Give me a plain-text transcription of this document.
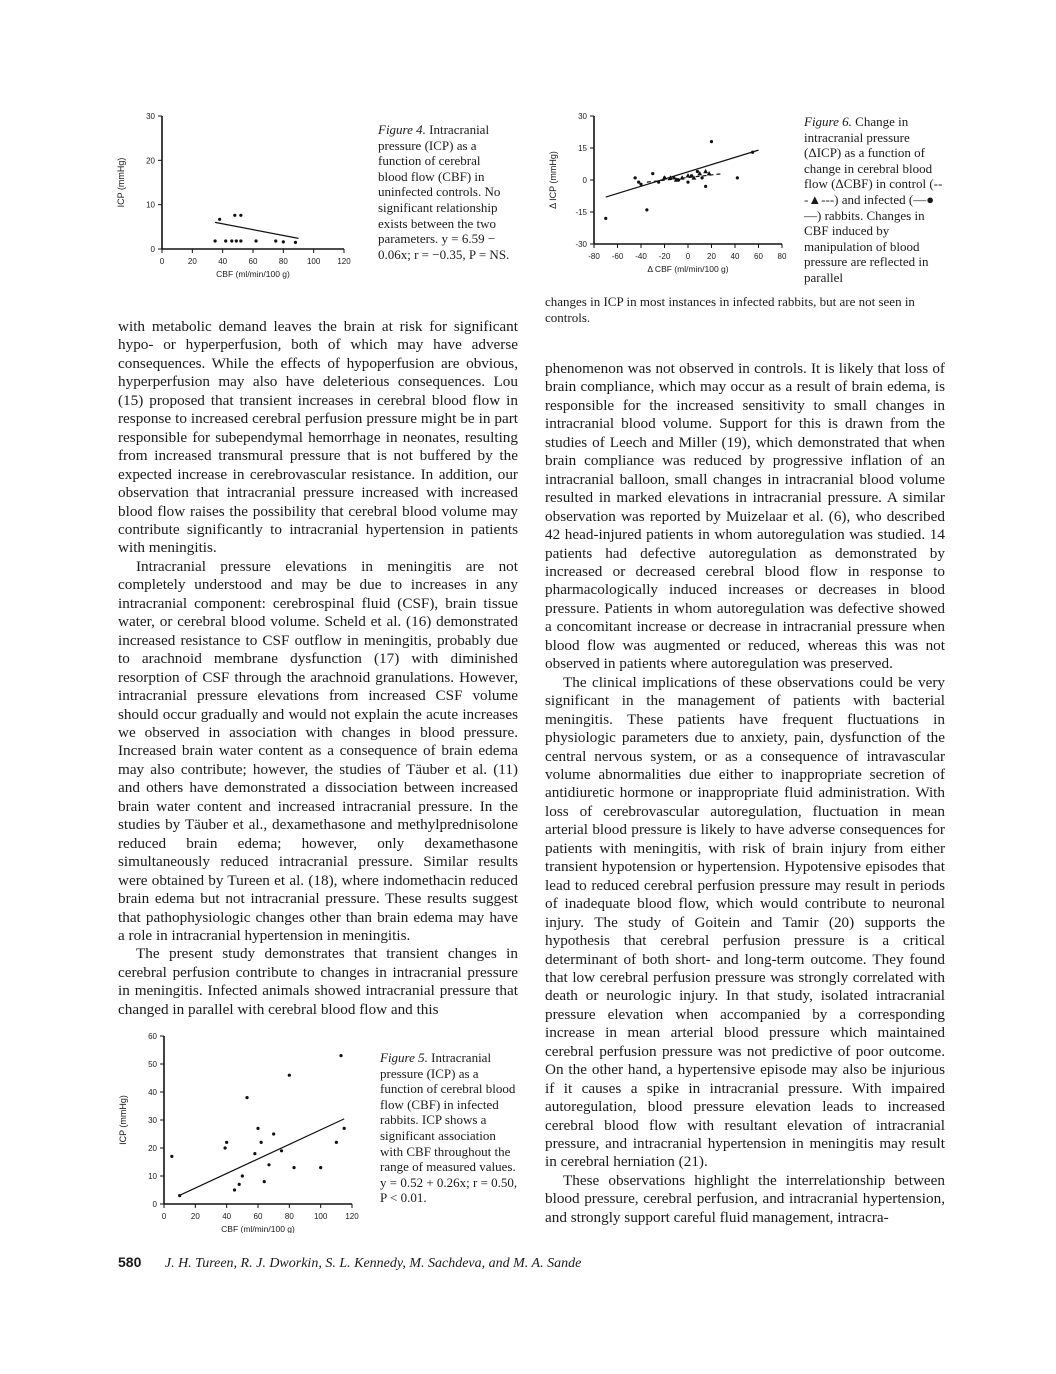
0	20	40	60	80 100 120
0
10
20
30
CBF (ml/min/100 g)
ICP (mmHg)
Figure 4. Intracranial pressure (ICP) as a function of cerebral blood flow (CBF) in uninfected controls. No significant relationship exists between the two parameters. y = 6.59 − 0.06x; r = −0.35, P = NS.	-80 -60 -40 -20 0 20 40 60 80
-30
-15
0
15
30
Δ CBF (ml/min/100 g)
Δ ICP (mmHg)
Figure 6. Change in intracranial pressure (ΔICP) as a function of change in cerebral blood flow (ΔCBF) in control (---▲---) and infected (—●—) rabbits. Changes in CBF induced by manipulation of blood pressure are reflected in parallel
changes in ICP in most instances in infected rabbits, but are not seen in controls.

with metabolic demand leaves the brain at risk for significant hypo- or hyperperfusion, both of which may have adverse consequences. While the effects of hypoperfusion are obvious, hyperperfusion may also have deleterious consequences. Lou (15) proposed that transient increases in cerebral blood flow in response to increased cerebral perfusion pressure might be in part responsible for subependymal hemorrhage in neonates, resulting from increased transmural pressure that is not buffered by the expected increase in cerebrovascular resistance. In addition, our observation that intracranial pressure increased with increased blood flow raises the possibility that cerebral blood volume may contribute significantly to intracranial hypertension in patients with meningitis.

Intracranial pressure elevations in meningitis are not completely understood and may be due to increases in any intracranial component: cerebrospinal fluid (CSF), brain tissue water, or cerebral blood volume. Scheld et al. (16) demonstrated increased resistance to CSF outflow in meningitis, probably due to arachnoid membrane dysfunction (17) with diminished resorption of CSF through the arachnoid granulations. However, intracranial pressure elevations from increased CSF volume should occur gradually and would not explain the acute increases we observed in association with changes in blood pressure. Increased brain water content as a consequence of brain edema may also contribute; however, the studies of Täuber et al. (11) and others have demonstrated a dissociation between increased brain water content and increased intracranial pressure. In the studies by Täuber et al., dexamethasone and methylprednisolone reduced brain edema; however, only dexamethasone simultaneously reduced intracranial pressure. Similar results were obtained by Tureen et al. (18), where indomethacin reduced brain edema but not intracranial pressure. These results suggest that pathophysiologic changes other than brain edema may have a role in intracranial hypertension in meningitis.

The present study demonstrates that transient changes in cerebral perfusion contribute to changes in intracranial pressure in meningitis. Infected animals showed intracranial pressure that changed in parallel with cerebral blood flow and this

0	20	40	60	80	100 120
0
10
20
30
40
50
60
CBF (ml/min/100 g)
ICP (mmHg)
Figure 5. Intracranial pressure (ICP) as a function of cerebral blood flow (CBF) in infected rabbits. ICP shows a significant association with CBF throughout the range of measured values. y = 0.52 + 0.26x; r = 0.50, P < 0.01.

phenomenon was not observed in controls. It is likely that loss of brain compliance, which may occur as a result of brain edema, is responsible for the increased sensitivity to small changes in intracranial blood volume. Support for this is drawn from the studies of Leech and Miller (19), which demonstrated that when brain compliance was reduced by progressive inflation of an intracranial balloon, small changes in intracranial blood volume resulted in marked elevations in intracranial pressure. A similar observation was reported by Muizelaar et al. (6), who described 42 head-injured patients in whom autoregulation was studied. 14 patients had defective autoregulation as demonstrated by increased or decreased cerebral blood flow in response to pharmacologically induced increases or decreases in blood pressure. Patients in whom autoregulation was defective showed a concomitant increase or decrease in intracranial pressure when blood flow was augmented or reduced, whereas this was not observed in patients where autoregulation was preserved.

The clinical implications of these observations could be very significant in the management of patients with bacterial meningitis. These patients have frequent fluctuations in physiologic parameters due to anxiety, pain, dysfunction of the central nervous system, or as a consequence of intravascular volume abnormalities due either to inappropriate secretion of antidiuretic hormone or inappropriate fluid administration. With loss of cerebrovascular autoregulation, fluctuation in mean arterial blood pressure is likely to have adverse consequences for patients with meningitis, with risk of brain injury from either transient hypotension or hypertension. Hypotensive episodes that lead to reduced cerebral perfusion pressure may result in periods of inadequate blood flow, which would contribute to neuronal injury. The study of Goitein and Tamir (20) supports the hypothesis that cerebral perfusion pressure is a critical determinant of both short- and long-term outcome. They found that low cerebral perfusion pressure was strongly correlated with death or neurologic injury. In that study, isolated intracranial pressure elevation when accompanied by a corresponding increase in mean arterial blood pressure which maintained cerebral perfusion pressure was not predictive of poor outcome. On the other hand, a hypertensive episode may also be injurious if it causes a spike in intracranial pressure. With impaired autoregulation, blood pressure elevation leads to increased cerebral blood flow with resultant elevation of intracranial pressure, and intracranial hypertension in meningitis may result in cerebral herniation (21).

These observations highlight the interrelationship between blood pressure, cerebral perfusion, and intracranial hypertension, and strongly support careful fluid management, intracra-

580 J. H. Tureen, R. J. Dworkin, S. L. Kennedy, M. Sachdeva, and M. A. Sande
